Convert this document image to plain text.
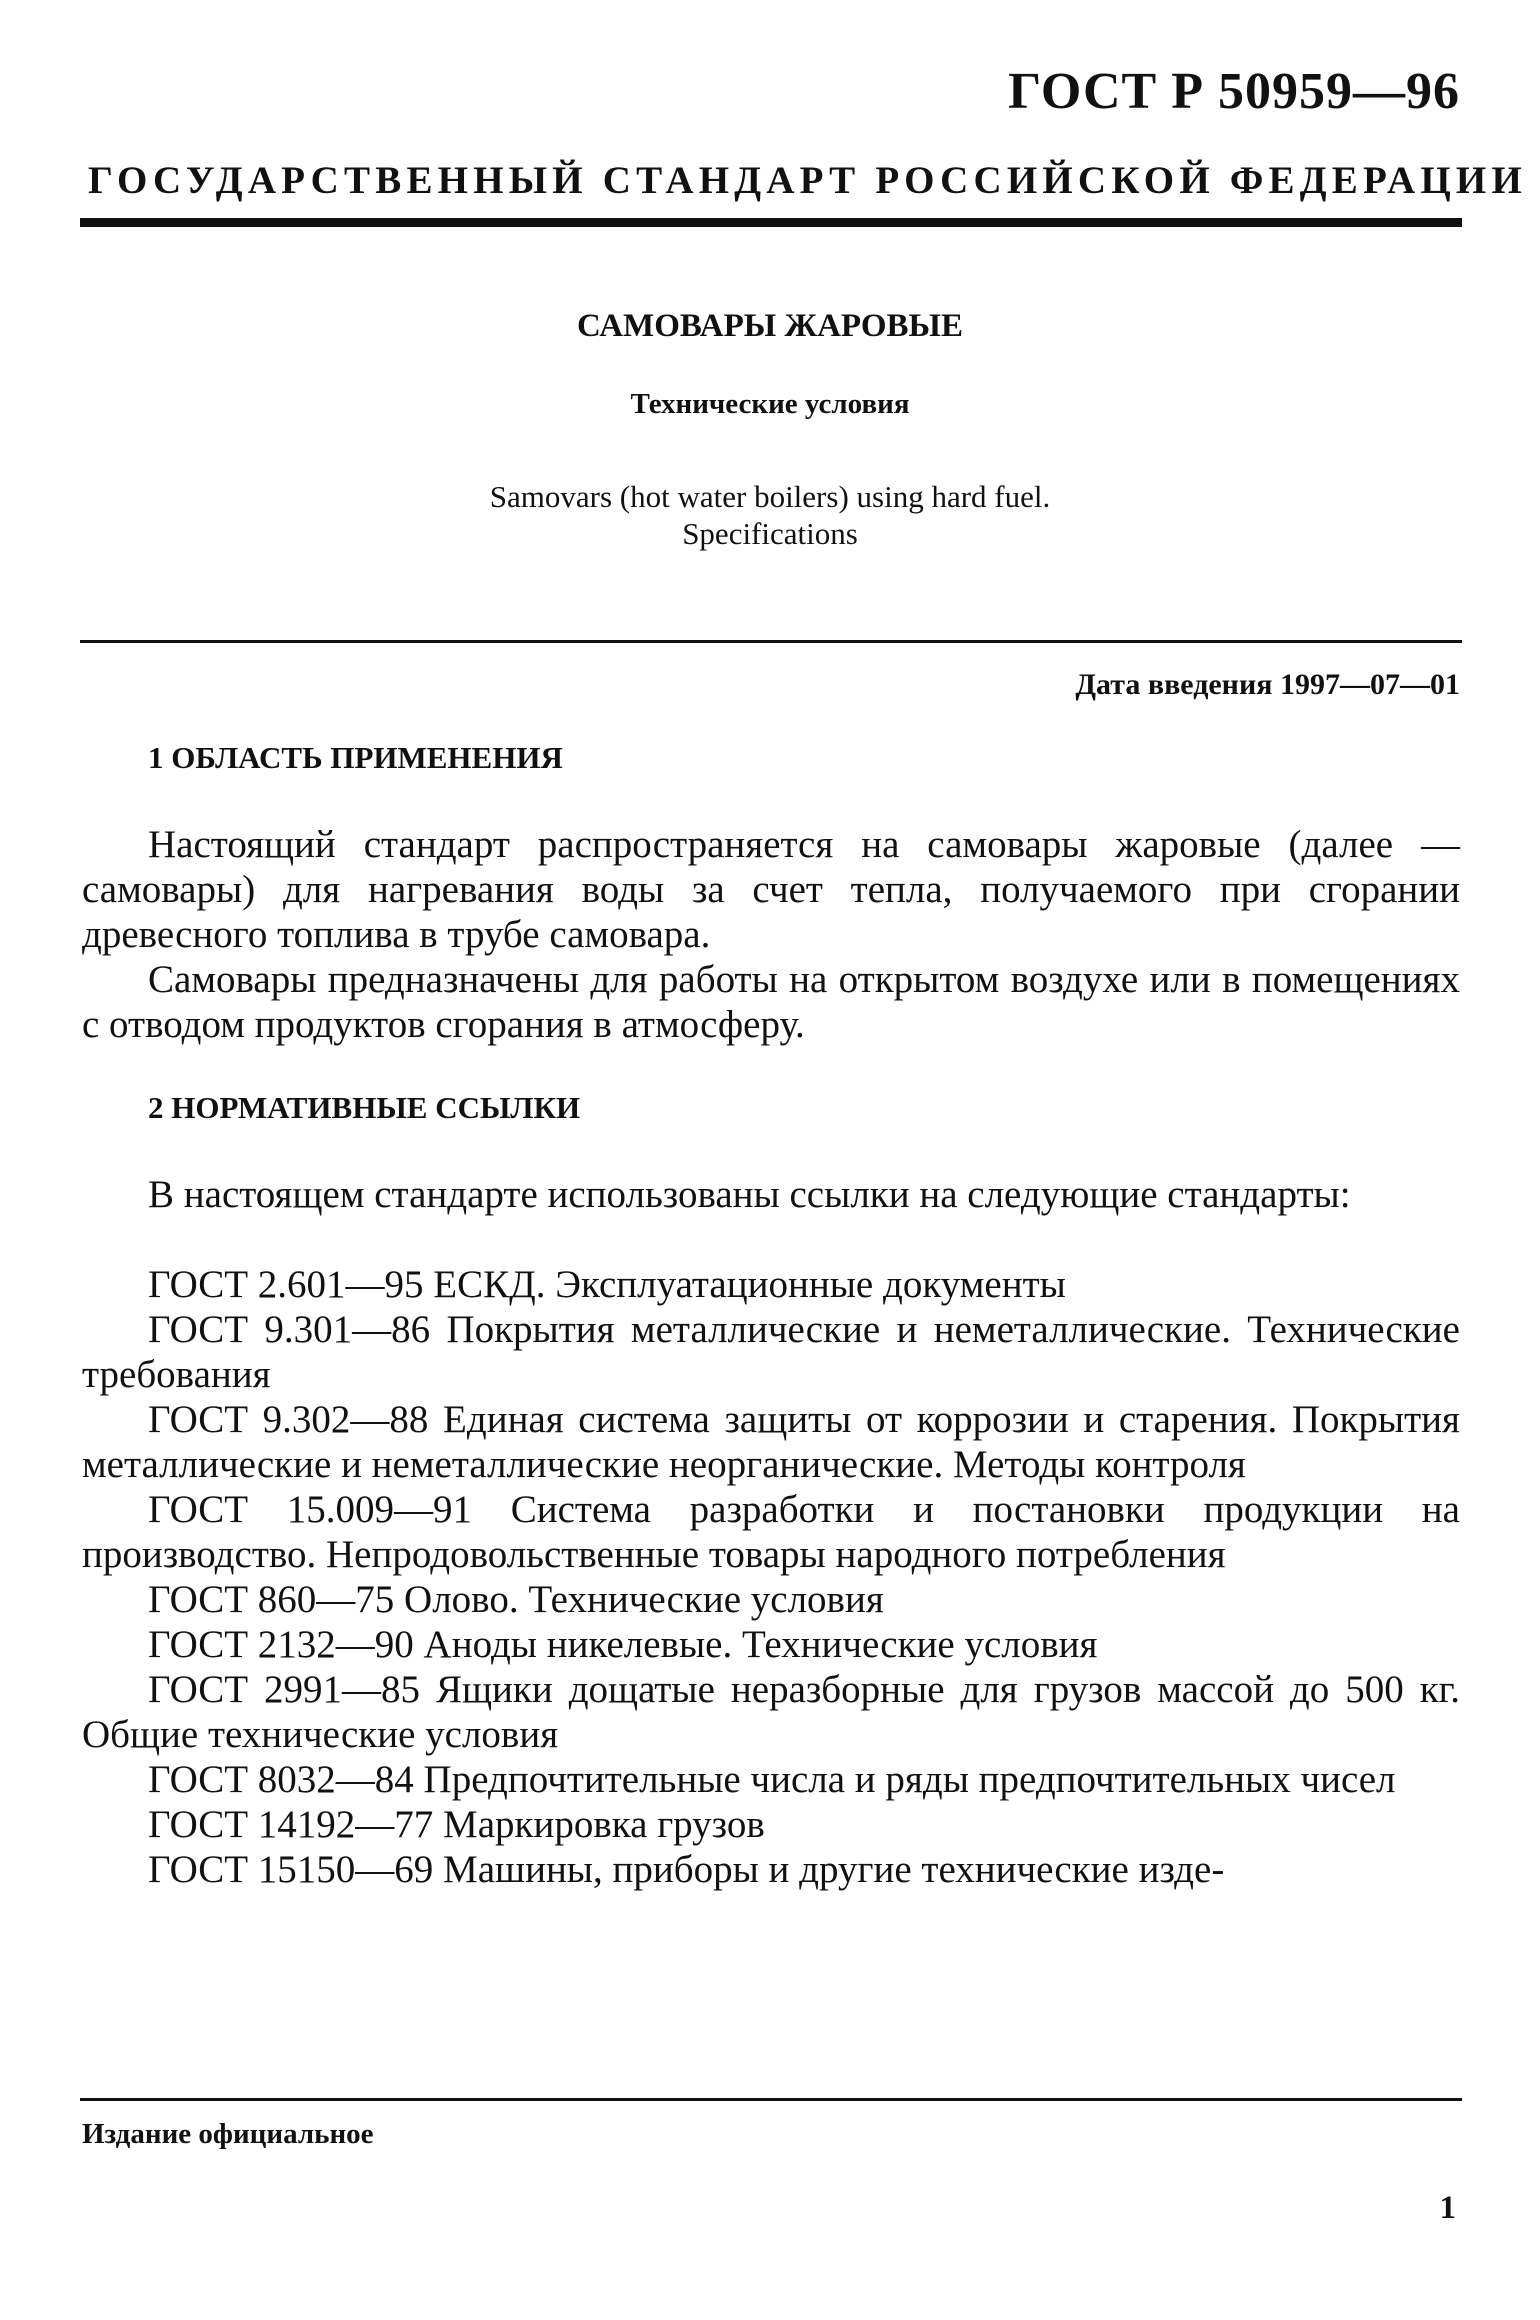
ГОСТ Р 50959—96
ГОСУДАРСТВЕННЫЙ СТАНДАРТ РОССИЙСКОЙ ФЕДЕРАЦИИ
САМОВАРЫ ЖАРОВЫЕ
Технические условия
Samovars (hot water boilers) using hard fuel.
Specifications
Дата введения 1997—07—01
1 ОБЛАСТЬ ПРИМЕНЕНИЯ

Настоящий стандарт распространяется на самовары жаровые (далее — самовары) для нагревания воды за счет тепла, получаемого при сгорании древесного топлива в трубе самовара.

Самовары предназначены для работы на открытом воздухе или в помещениях с отводом продуктов сгорания в атмосферу.

2 НОРМАТИВНЫЕ ССЫЛКИ

В настоящем стандарте использованы ссылки на следующие стандарты:

ГОСТ 2.601—95 ЕСКД. Эксплуатационные документы
ГОСТ 9.301—86 Покрытия металлические и неметаллические. Технические требования
ГОСТ 9.302—88 Единая система защиты от коррозии и старения. Покрытия металлические и неметаллические неорганические. Методы контроля
ГОСТ 15.009—91 Система разработки и постановки продукции на производство. Непродовольственные товары народного потребления
ГОСТ 860—75 Олово. Технические условия
ГОСТ 2132—90 Аноды никелевые. Технические условия
ГОСТ 2991—85 Ящики дощатые неразборные для грузов массой до 500 кг. Общие технические условия
ГОСТ 8032—84 Предпочтительные числа и ряды предпочтительных чисел
ГОСТ 14192—77 Маркировка грузов
ГОСТ 15150—69 Машины, приборы и другие технические изде-
Издание официальное
1
